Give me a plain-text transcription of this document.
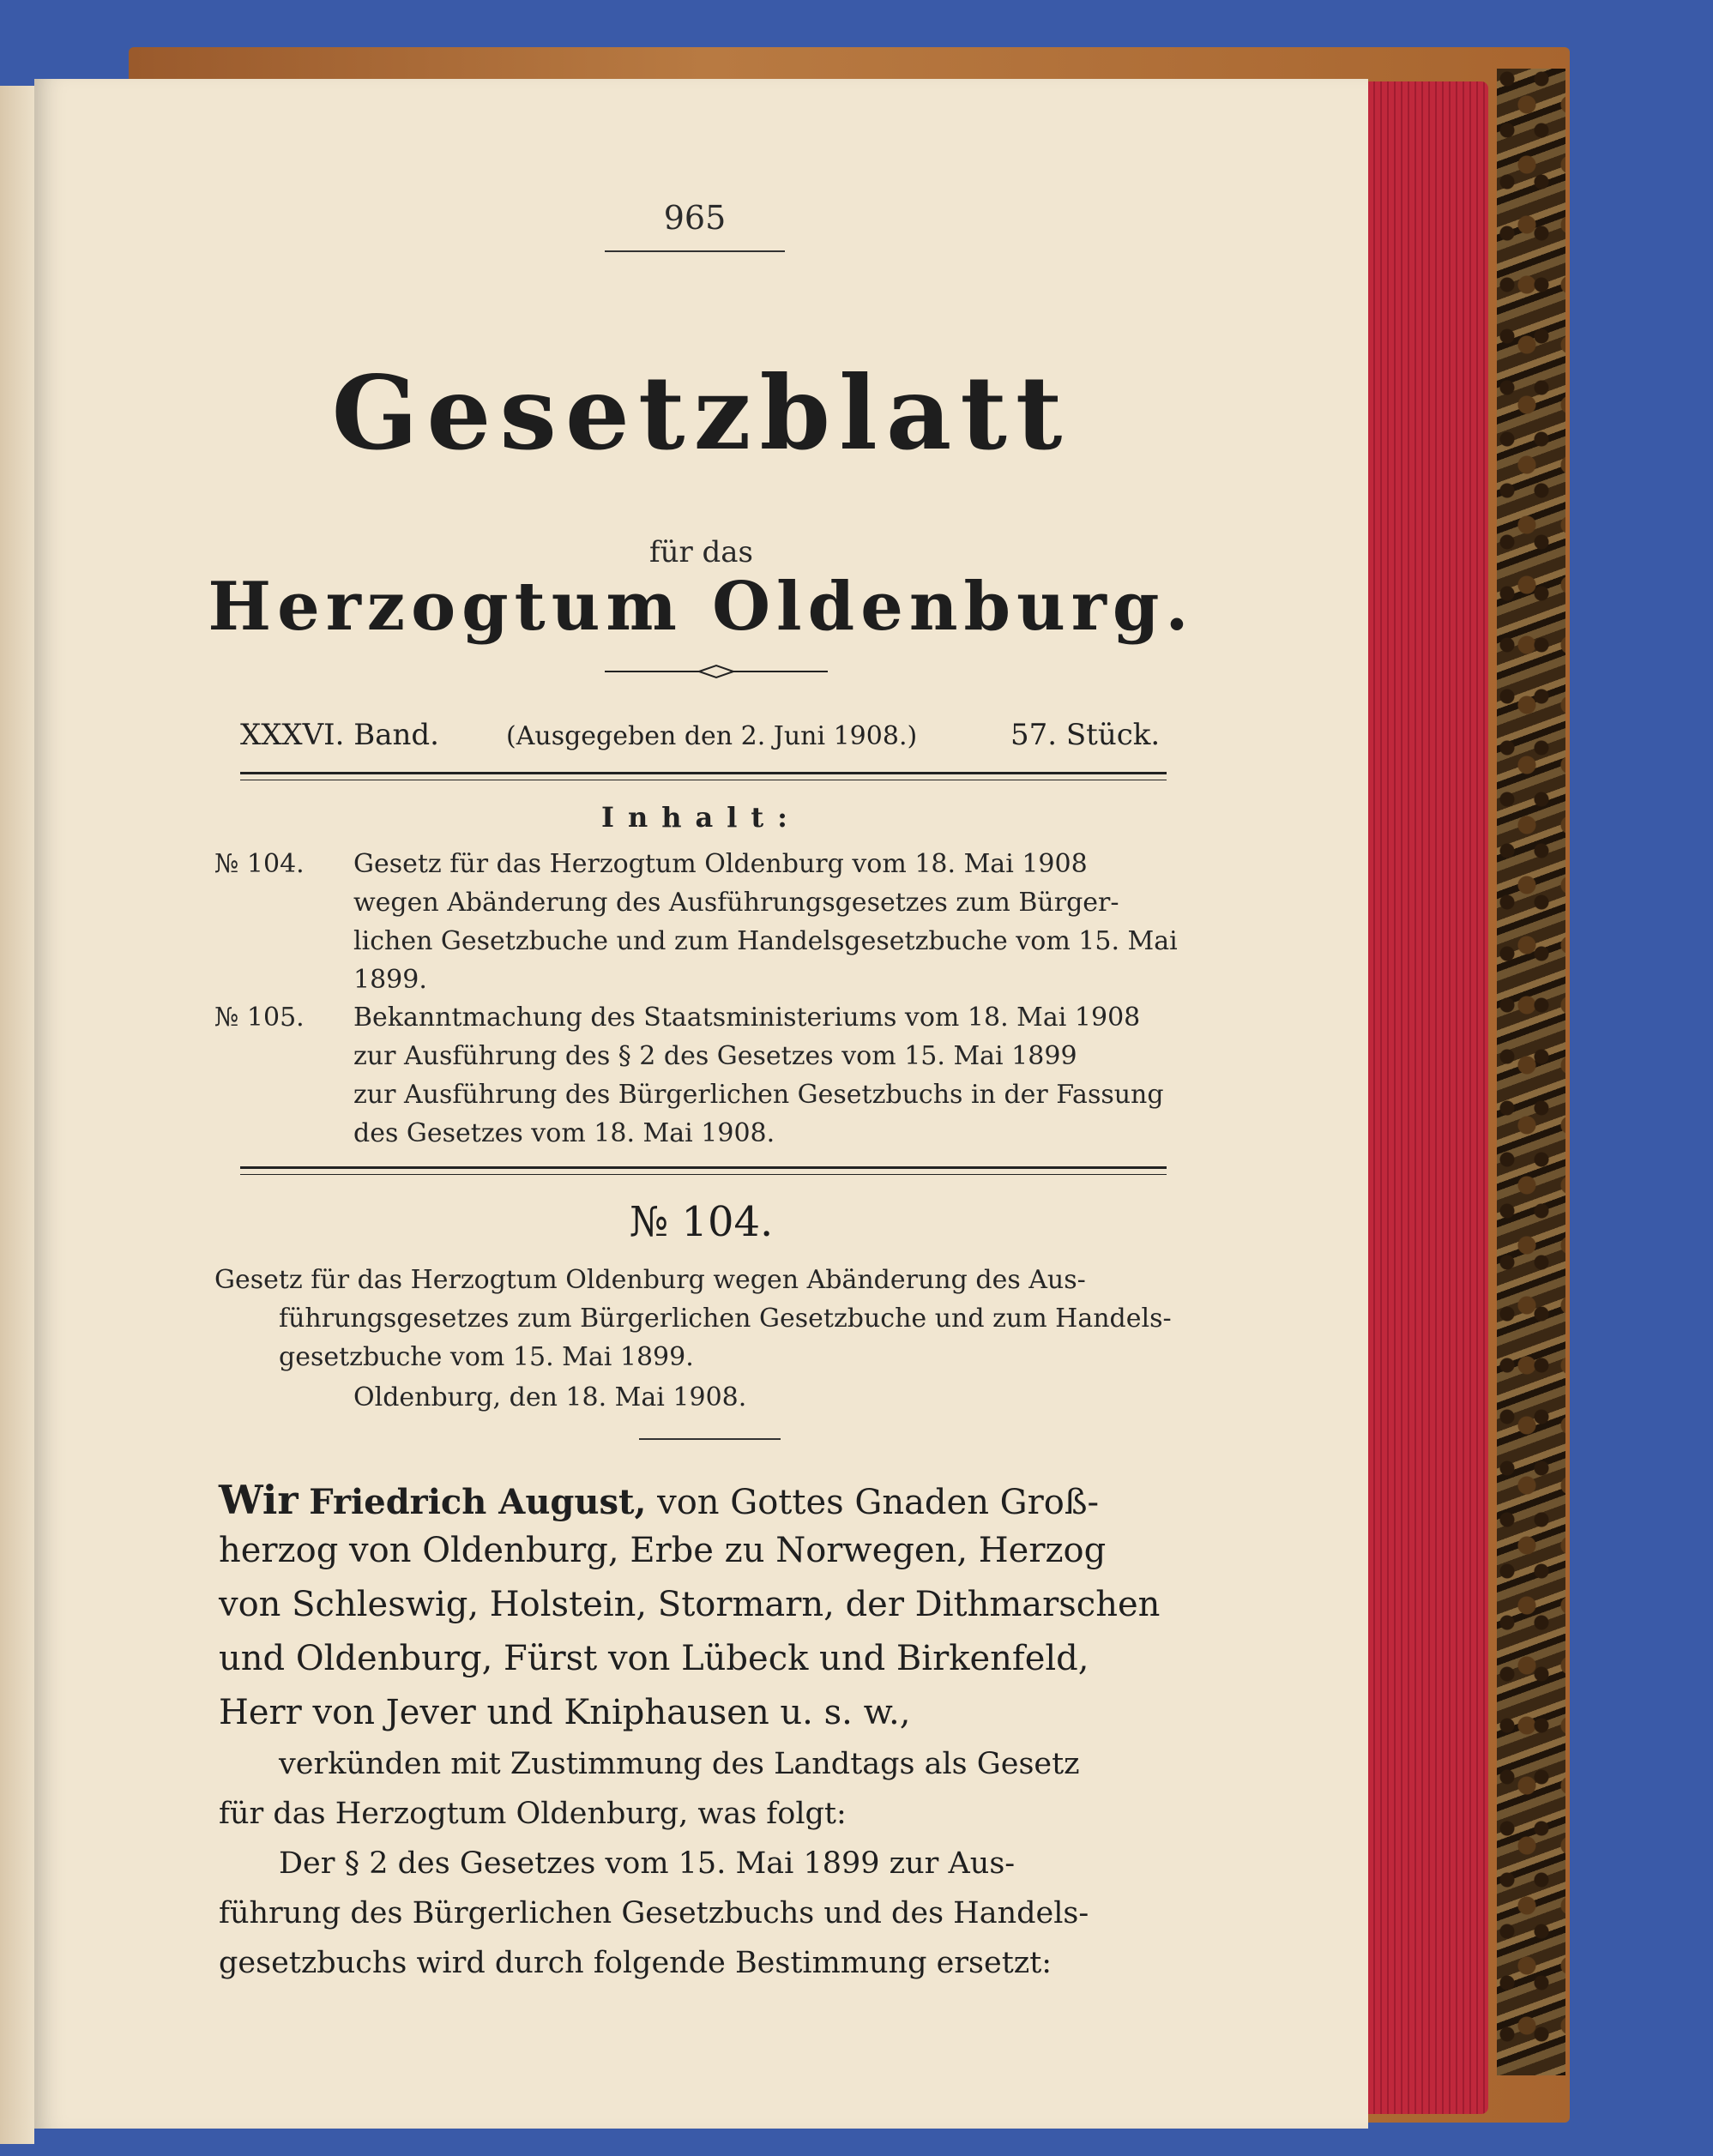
965
Gesetzblatt
für das
Herzogtum Oldenburg.
XXXVI. Band.	(Ausgegeben den 2. Juni 1908.)	57. Stück.
Inhalt:
№ 104. Gesetz für das Herzogtum Oldenburg vom 18. Mai 1908
wegen Abänderung des Ausführungsgesetzes zum Bürger-
lichen Gesetzbuche und zum Handelsgesetzbuche vom 15. Mai
1899.
№ 105. Bekanntmachung des Staatsministeriums vom 18. Mai 1908
zur Ausführung des § 2 des Gesetzes vom 15. Mai 1899
zur Ausführung des Bürgerlichen Gesetzbuchs in der Fassung
des Gesetzes vom 18. Mai 1908.
№ 104.
Gesetz für das Herzogtum Oldenburg wegen Abänderung des Aus-
führungsgesetzes zum Bürgerlichen Gesetzbuche und zum Handels-
gesetzbuche vom 15. Mai 1899.
Oldenburg, den 18. Mai 1908.
Wir Friedrich August, von Gottes Gnaden Groß-
herzog von Oldenburg, Erbe zu Norwegen, Herzog
von Schleswig, Holstein, Stormarn, der Dithmarschen
und Oldenburg, Fürst von Lübeck und Birkenfeld,
Herr von Jever und Kniphausen u. s. w.,
verkünden mit Zustimmung des Landtags als Gesetz
für das Herzogtum Oldenburg, was folgt:
Der § 2 des Gesetzes vom 15. Mai 1899 zur Aus-
führung des Bürgerlichen Gesetzbuchs und des Handels-
gesetzbuchs wird durch folgende Bestimmung ersetzt:
